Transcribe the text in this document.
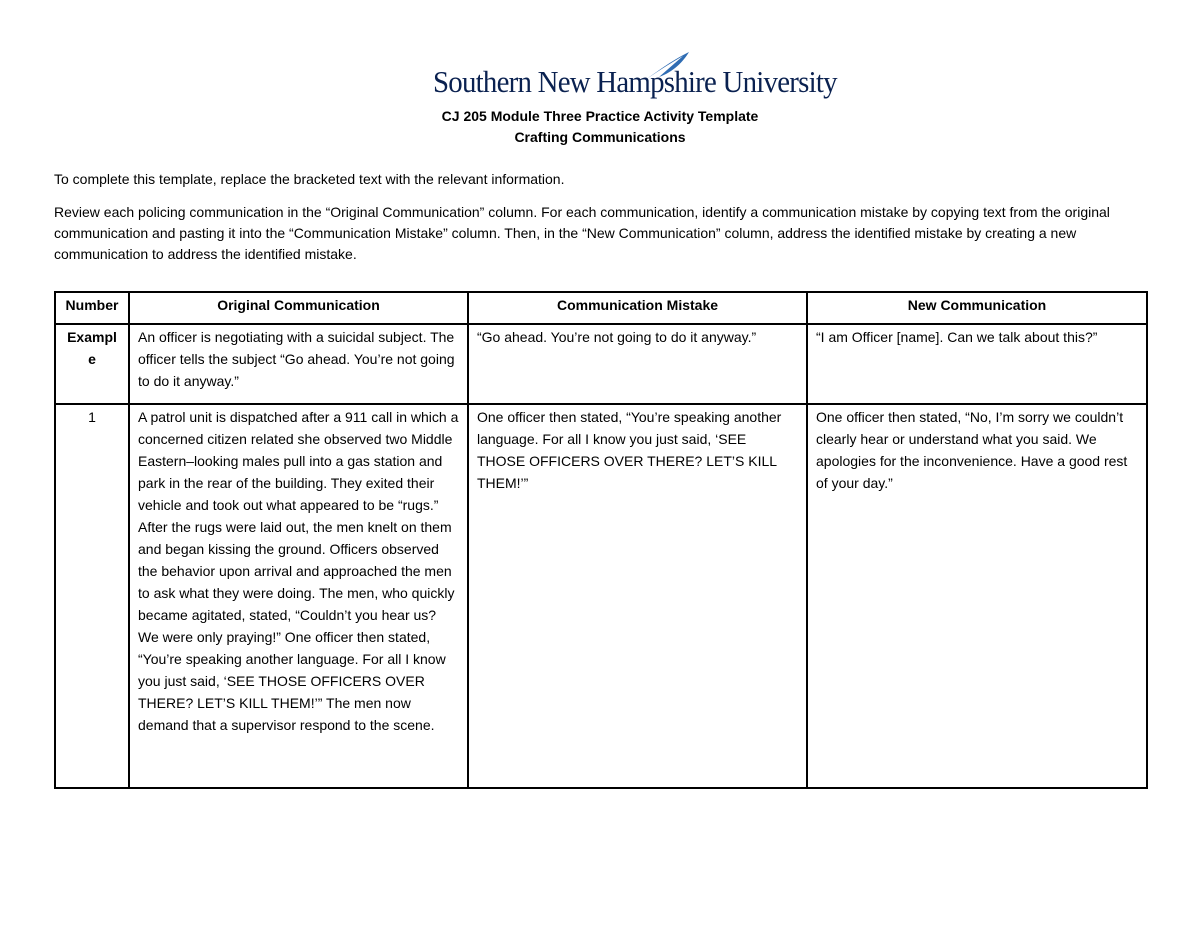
Southern New Hampshire University
CJ 205 Module Three Practice Activity Template
Crafting Communications

To complete this template, replace the bracketed text with the relevant information.

Review each policing communication in the “Original Communication” column. For each communication, identify a communication mistake by copying text from the original communication and pasting it into the “Communication Mistake” column. Then, in the “New Communication” column, address the identified mistake by creating a new communication to address the identified mistake.

Number	Original Communication	Communication Mistake	New Communication
Example	An officer is negotiating with a suicidal subject. The officer tells the subject “Go ahead. You’re not going to do it anyway.”	“Go ahead. You’re not going to do it anyway.”	“I am Officer [name]. Can we talk about this?”
1	A patrol unit is dispatched after a 911 call in which a concerned citizen related she observed two Middle Eastern–looking males pull into a gas station and park in the rear of the building. They exited their vehicle and took out what appeared to be “rugs.” After the rugs were laid out, the men knelt on them and began kissing the ground. Officers observed the behavior upon arrival and approached the men to ask what they were doing. The men, who quickly became agitated, stated, “Couldn’t you hear us? We were only praying!” One officer then stated, “You’re speaking another language. For all I know you just said, ‘SEE THOSE OFFICERS OVER THERE? LET’S KILL THEM!’” The men now demand that a supervisor respond to the scene.	One officer then stated, “You’re speaking another language. For all I know you just said, ‘SEE THOSE OFFICERS OVER THERE? LET’S KILL THEM!’”	One officer then stated, “No, I’m sorry we couldn’t clearly hear or understand what you said. We apologies for the inconvenience. Have a good rest of your day.”
